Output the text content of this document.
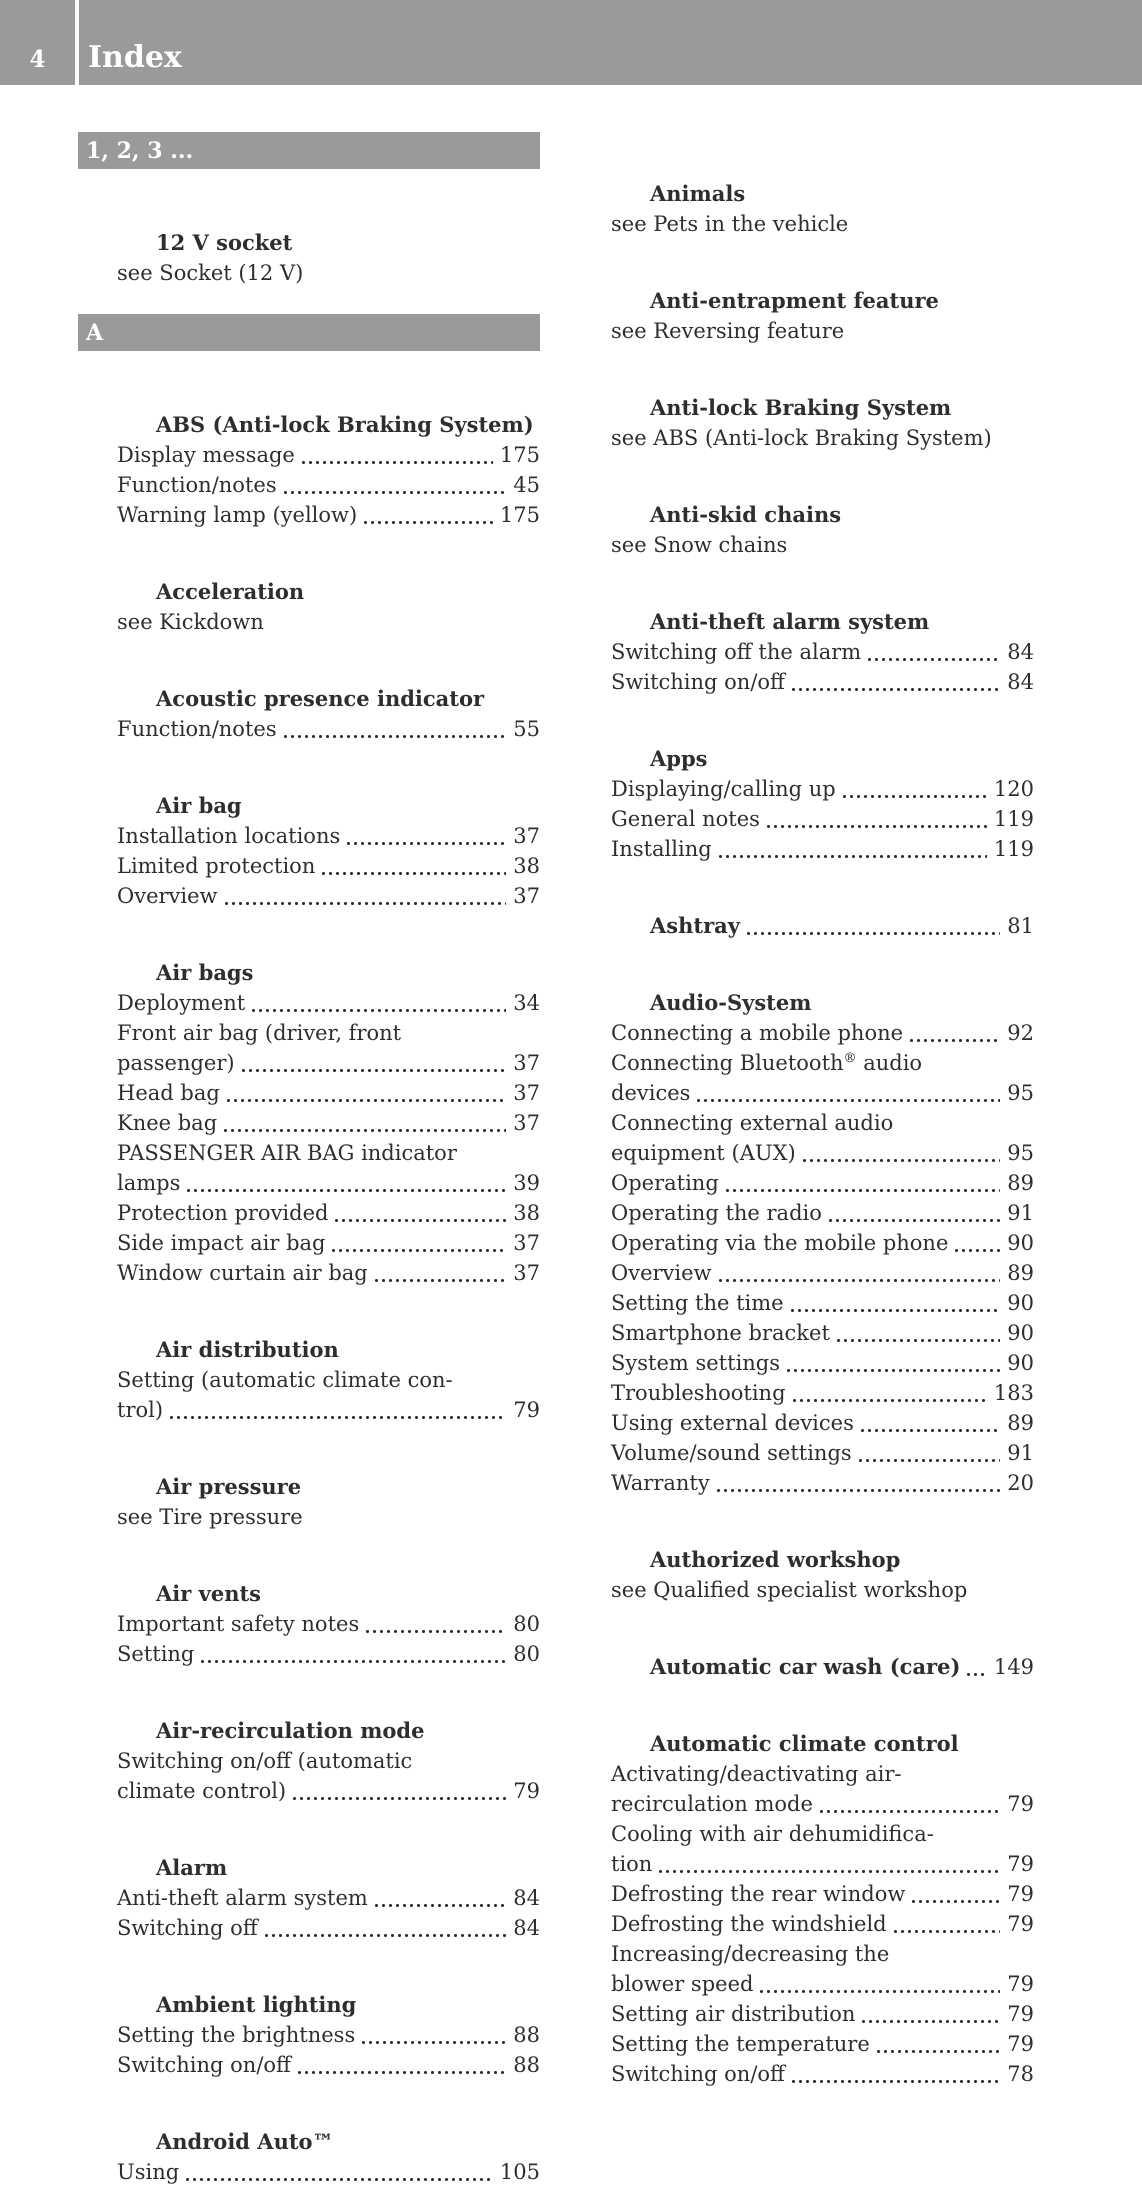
4 Index
1, 2, 3 ...
12 V socket
see Socket (12 V)
A
ABS (Anti-lock Braking System)
Display message	175
Function/notes	45
Warning lamp (yellow)	175
Acceleration
see Kickdown
Acoustic presence indicator
Function/notes	55
Air bag
Installation locations	37
Limited protection	38
Overview	37
Air bags
Deployment	34
Front air bag (driver, front
passenger)	37
Head bag	37
Knee bag	37
PASSENGER AIR BAG indicator
lamps	39
Protection provided	38
Side impact air bag	37
Window curtain air bag	37
Air distribution
Setting (automatic climate con-
trol)	79
Air pressure
see Tire pressure
Air vents
Important safety notes	80
Setting	80
Air-recirculation mode
Switching on/off (automatic
climate control)	79
Alarm
Anti-theft alarm system	84
Switching off	84
Ambient lighting
Setting the brightness	88
Switching on/off	88
Android Auto™
Using	105
Animals
see Pets in the vehicle
Anti-entrapment feature
see Reversing feature
Anti-lock Braking System
see ABS (Anti-lock Braking System)
Anti-skid chains
see Snow chains
Anti-theft alarm system
Switching off the alarm	84
Switching on/off	84
Apps
Displaying/calling up	120
General notes	119
Installing	119
Ashtray	81
Audio-System
Connecting a mobile phone	92
Connecting Bluetooth® audio
devices	95
Connecting external audio
equipment (AUX)	95
Operating	89
Operating the radio	91
Operating via the mobile phone	90
Overview	89
Setting the time	90
Smartphone bracket	90
System settings	90
Troubleshooting	183
Using external devices	89
Volume/sound settings	91
Warranty	20
Authorized workshop
see Qualified specialist workshop
Automatic car wash (care) 149
Automatic climate control
Activating/deactivating air-
recirculation mode	79
Cooling with air dehumidifica-
tion	79
Defrosting the rear window	79
Defrosting the windshield	79
Increasing/decreasing the
blower speed	79
Setting air distribution	79
Setting the temperature	79
Switching on/off	78
